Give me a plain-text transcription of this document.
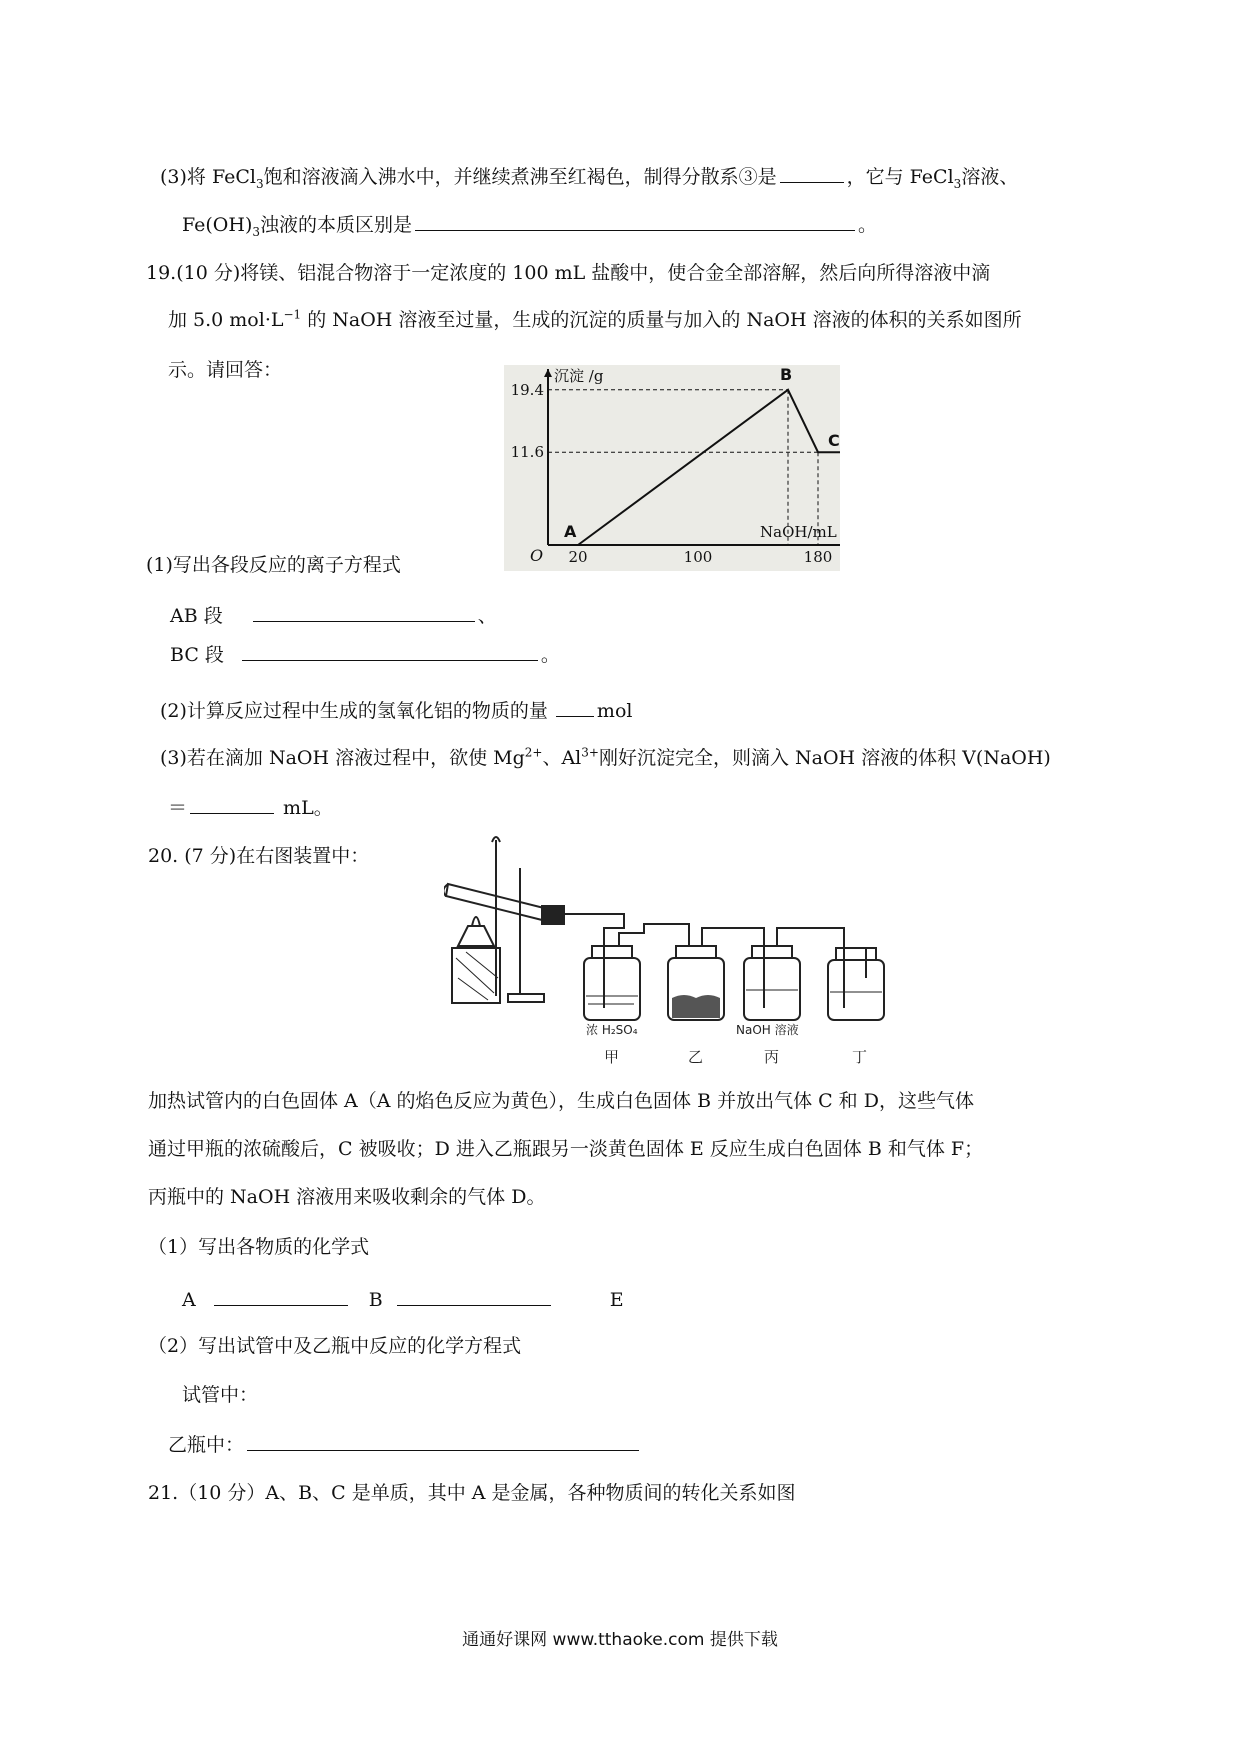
(3)将 FeCl$_3$饱和溶液滴入沸水中，并继续煮沸至红褐色，制得分散系③是	，它与 FeCl$_3$溶液、
$Fe(OH)_3$浊液的本质区别是	。
19.(10 分)将镁、铝混合物溶于一定浓度的 100 mL 盐酸中，使合金全部溶解，然后向所得溶液中滴
加 5.0 $mol\cdot L^{-1}$ 的 NaOH 溶液至过量，生成的沉淀的质量与加入的 NaOH 溶液的体积的关系如图所
示。请回答：	沉淀 /g
NaOH/mL
O
A
B
C
20	100	180
19.4
11.6
(1)写出各段反应的离子方程式
AB 段	、
BC 段	。
(2)计算反应过程中生成的氢氧化铝的物质的量	mol
(3)若在滴加 NaOH 溶液过程中，欲使 $Mg^{2+}$、$Al^{3+}$刚好沉淀完全，则滴入 NaOH 溶液的体积 V(NaOH)
＝	mL。
20. (7 分)在右图装置中：
浓 H₂SO₄	NaOH 溶液
甲	乙	丙	丁
加热试管内的白色固体 A（A 的焰色反应为黄色），生成白色固体 B 并放出气体 C 和 D，这些气体
通过甲瓶的浓硫酸后，C 被吸收；D 进入乙瓶跟另一淡黄色固体 E 反应生成白色固体 B 和气体 F；
丙瓶中的 NaOH 溶液用来吸收剩余的气体 D。
（1）写出各物质的化学式
A	B	E
（2）写出试管中及乙瓶中反应的化学方程式
试管中：
乙瓶中：
21.（10 分）A、B、C 是单质，其中 A 是金属，各种物质间的转化关系如图
通通好课网 www.tthaoke.com 提供下载
